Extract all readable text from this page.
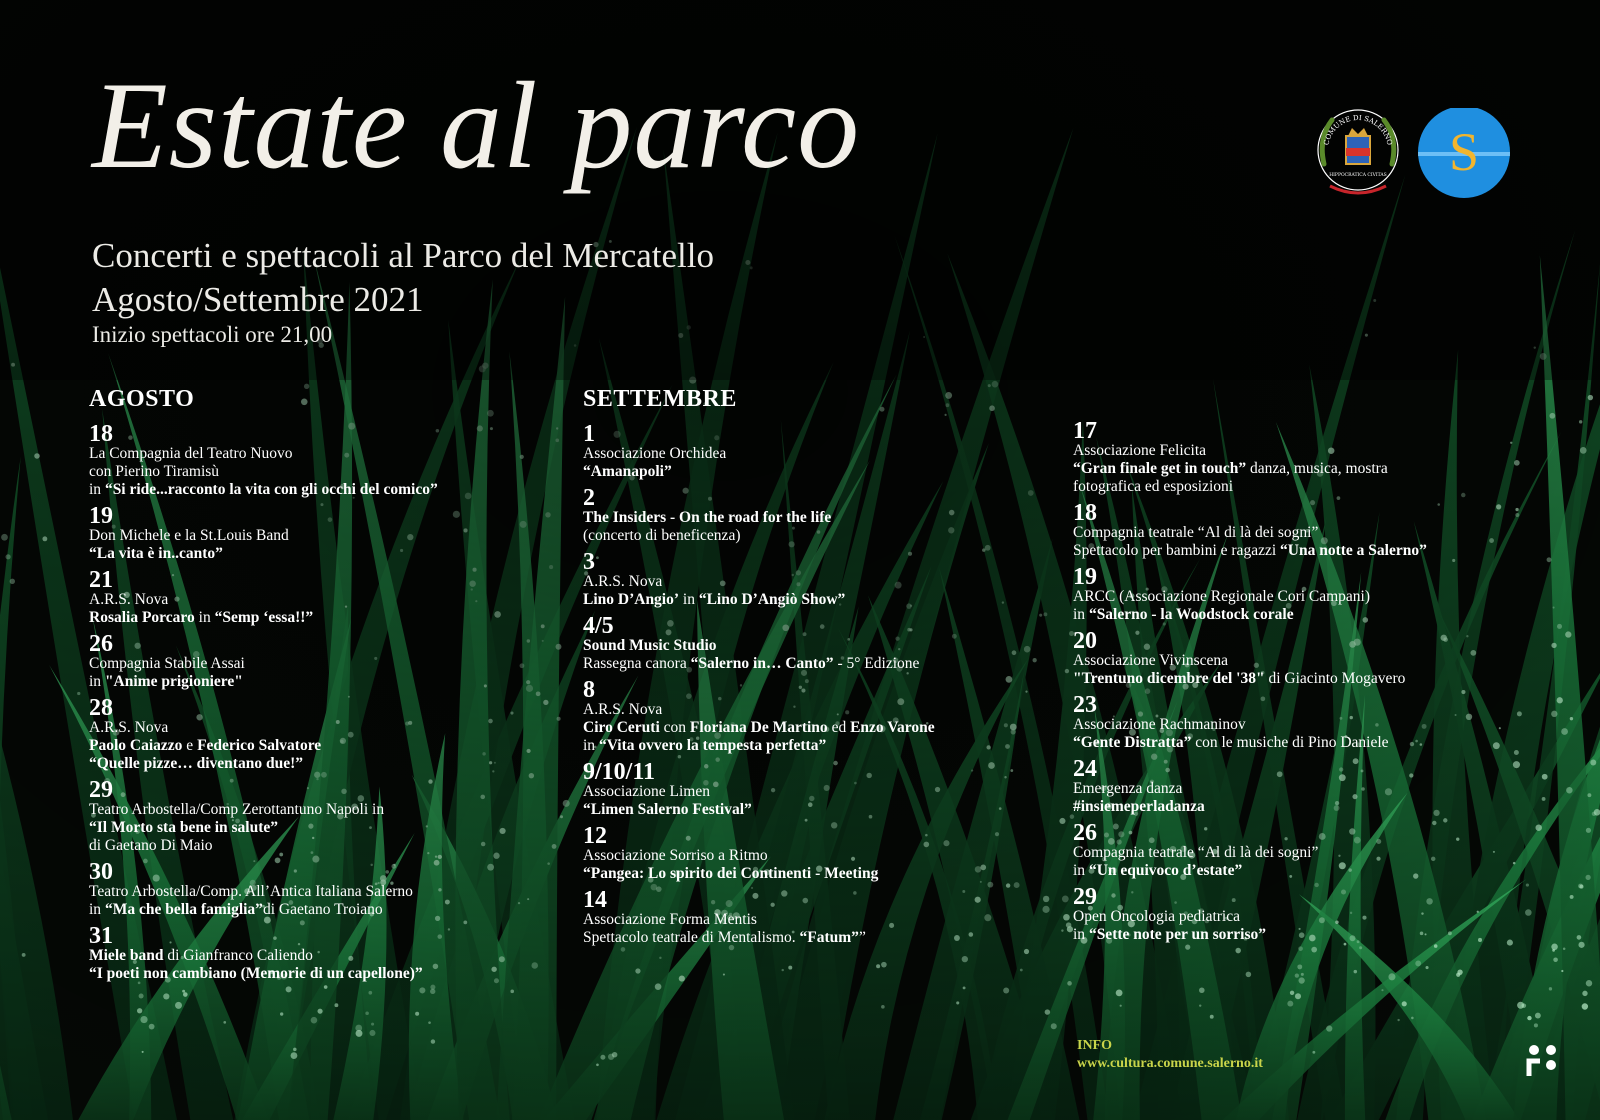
Estate al parco
Concerti e spettacoli al Parco del Mercatello
Agosto/Settembre 2021
Inizio spettacoli ore 21,00
COMUNE DI SALERNO
HIPPOCRATICA CIVITAS S
AGOSTO
18
La Compagnia del Teatro Nuovo
con Pierino Tiramisù
in “Si ride...racconto la vita con gli occhi del comico”
19
Don Michele e la St.Louis Band
“La vita è in..canto”
21
A.R.S. Nova
Rosalia Porcaro in “Semp ‘essa!!”
26
Compagnia Stabile Assai
in "Anime prigioniere"
28
A.R.S. Nova
Paolo Caiazzo e Federico Salvatore
“Quelle pizze… diventano due!”
29
Teatro Arbostella/Comp Zerottantuno Napoli in
“Il Morto sta bene in salute”
di Gaetano Di Maio
30
Teatro Arbostella/Comp. All’Antica Italiana Salerno
in “Ma che bella famiglia”di Gaetano Troiano
31
Miele band di Gianfranco Caliendo
“I poeti non cambiano (Memorie di un capellone)”
SETTEMBRE
1
Associazione Orchidea
“Amanapoli”
2
The Insiders - On the road for the life
(concerto di beneficenza)
3
A.R.S. Nova
Lino D’Angio’ in “Lino D’Angiò Show”
4/5
Sound Music Studio
Rassegna canora “Salerno in… Canto” - 5° Edizione
8
A.R.S. Nova
Ciro Ceruti con Floriana De Martino ed Enzo Varone
in “Vita ovvero la tempesta perfetta”
9/10/11
Associazione Limen
“Limen Salerno Festival”
12
Associazione Sorriso a Ritmo
“Pangea: Lo spirito dei Continenti - Meeting
14
Associazione Forma Mentis
Spettacolo teatrale di Mentalismo. “Fatum””
17
Associazione Felicita
“Gran finale get in touch” danza, musica, mostra
fotografica ed esposizioni
18
Compagnia teatrale “Al di là dei sogni”
Spettacolo per bambini e ragazzi “Una notte a Salerno”
19
ARCC (Associazione Regionale Cori Campani)
in “Salerno - la Woodstock corale
20
Associazione Vivinscena
"Trentuno dicembre del '38" di Giacinto Mogavero
23
Associazione Rachmaninov
“Gente Distratta” con le musiche di Pino Daniele
24
Emergenza danza
#insiemeperladanza
26
Compagnia teatrale “Al di là dei sogni”
in “Un equivoco d’estate”
29
Open Oncologia pediatrica
in “Sette note per un sorriso”
INFO
www.cultura.comune.salerno.it
